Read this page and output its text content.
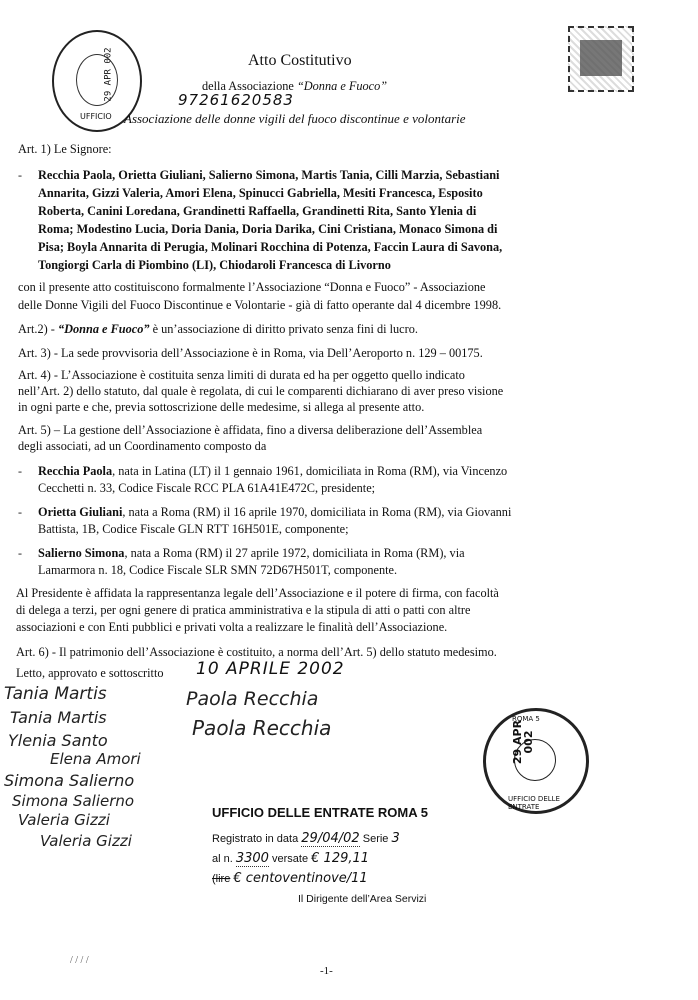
29 APR 002
UFFICIO
Atto Costitutivo
della Associazione “Donna e Fuoco”
97261620583
Associazione delle donne vigili del fuoco discontinue e volontarie
Art. 1) Le Signore:
- Recchia Paola, Orietta Giuliani, Salierno Simona, Martis Tania, Cilli Marzia, Sebastiani
Annarita, Gizzi Valeria, Amori Elena, Spinucci Gabriella, Mesiti Francesca, Esposito
Roberta, Canini Loredana, Grandinetti Raffaella, Grandinetti Rita, Santo Ylenia di
Roma; Modestino Lucia, Doria Dania, Doria Darika, Cini Cristiana, Monaco Simona di
Pisa; Boyla Annarita di Perugia, Molinari Rocchina di Potenza, Faccin Laura di Savona,
Tongiorgi Carla di Piombino (LI), Chiodaroli Francesca di Livorno
con il presente atto costituiscono formalmente l’Associazione “Donna e Fuoco” - Associazione
delle Donne Vigili del Fuoco Discontinue e Volontarie - già di fatto operante dal 4 dicembre 1998.
Art.2) - “Donna e Fuoco” è un’associazione di diritto privato senza fini di lucro.
Art. 3) - La sede provvisoria dell’Associazione è in Roma, via Dell’Aeroporto n. 129 – 00175.
Art. 4) - L’Associazione è costituita senza limiti di durata ed ha per oggetto quello indicato
nell’Art. 2) dello statuto, dal quale è regolata, di cui le comparenti dichiarano di aver preso visione
in ogni parte e che, previa sottoscrizione delle medesime, si allega al presente atto.
Art. 5) – La gestione dell’Associazione è affidata, fino a diversa deliberazione dell’Assemblea
degli associati, ad un Coordinamento composto da
- Recchia Paola, nata in Latina (LT) il 1 gennaio 1961, domiciliata in Roma (RM), via Vincenzo
Cecchetti n. 33, Codice Fiscale RCC PLA 61A41E472C, presidente;
- Orietta Giuliani, nata a Roma (RM) il 16 aprile 1970, domiciliata in Roma (RM), via Giovanni
Battista, 1B, Codice Fiscale GLN RTT 16H501E, componente;
- Salierno Simona, nata a Roma (RM) il 27 aprile 1972, domiciliata in Roma (RM), via
Lamarmora n. 18, Codice Fiscale SLR SMN 72D67H501T, componente.
Al Presidente è affidata la rappresentanza legale dell’Associazione e il potere di firma, con facoltà
di delega a terzi, per ogni genere di pratica amministrativa e la stipula di atti o patti con altre
associazioni e con Enti pubblici e privati volta a realizzare le finalità dell’Associazione.
Art. 6) - Il patrimonio dell’Associazione è costituito, a norma dell’Art. 5) dello statuto medesimo.
Letto, approvato e sottoscritto 10 APRILE 2002
Tania Martis
Tania Martis
Ylenia Santo
Elena Amori
Simona Salierno
Simona Salierno
Valeria Gizzi
Valeria Gizzi
Paola Recchia
Paola Recchia	ROMA 5
29 APR 002
UFFICIO DELLE ENTRATE
UFFICIO DELLE ENTRATE ROMA 5
Registrato in data 29/04/02 Serie 3
al n. 3300 versate € 129,11
(lire € centoventinove/11
Il Dirigente dell’Area Servizi
/ / / /
-1-
